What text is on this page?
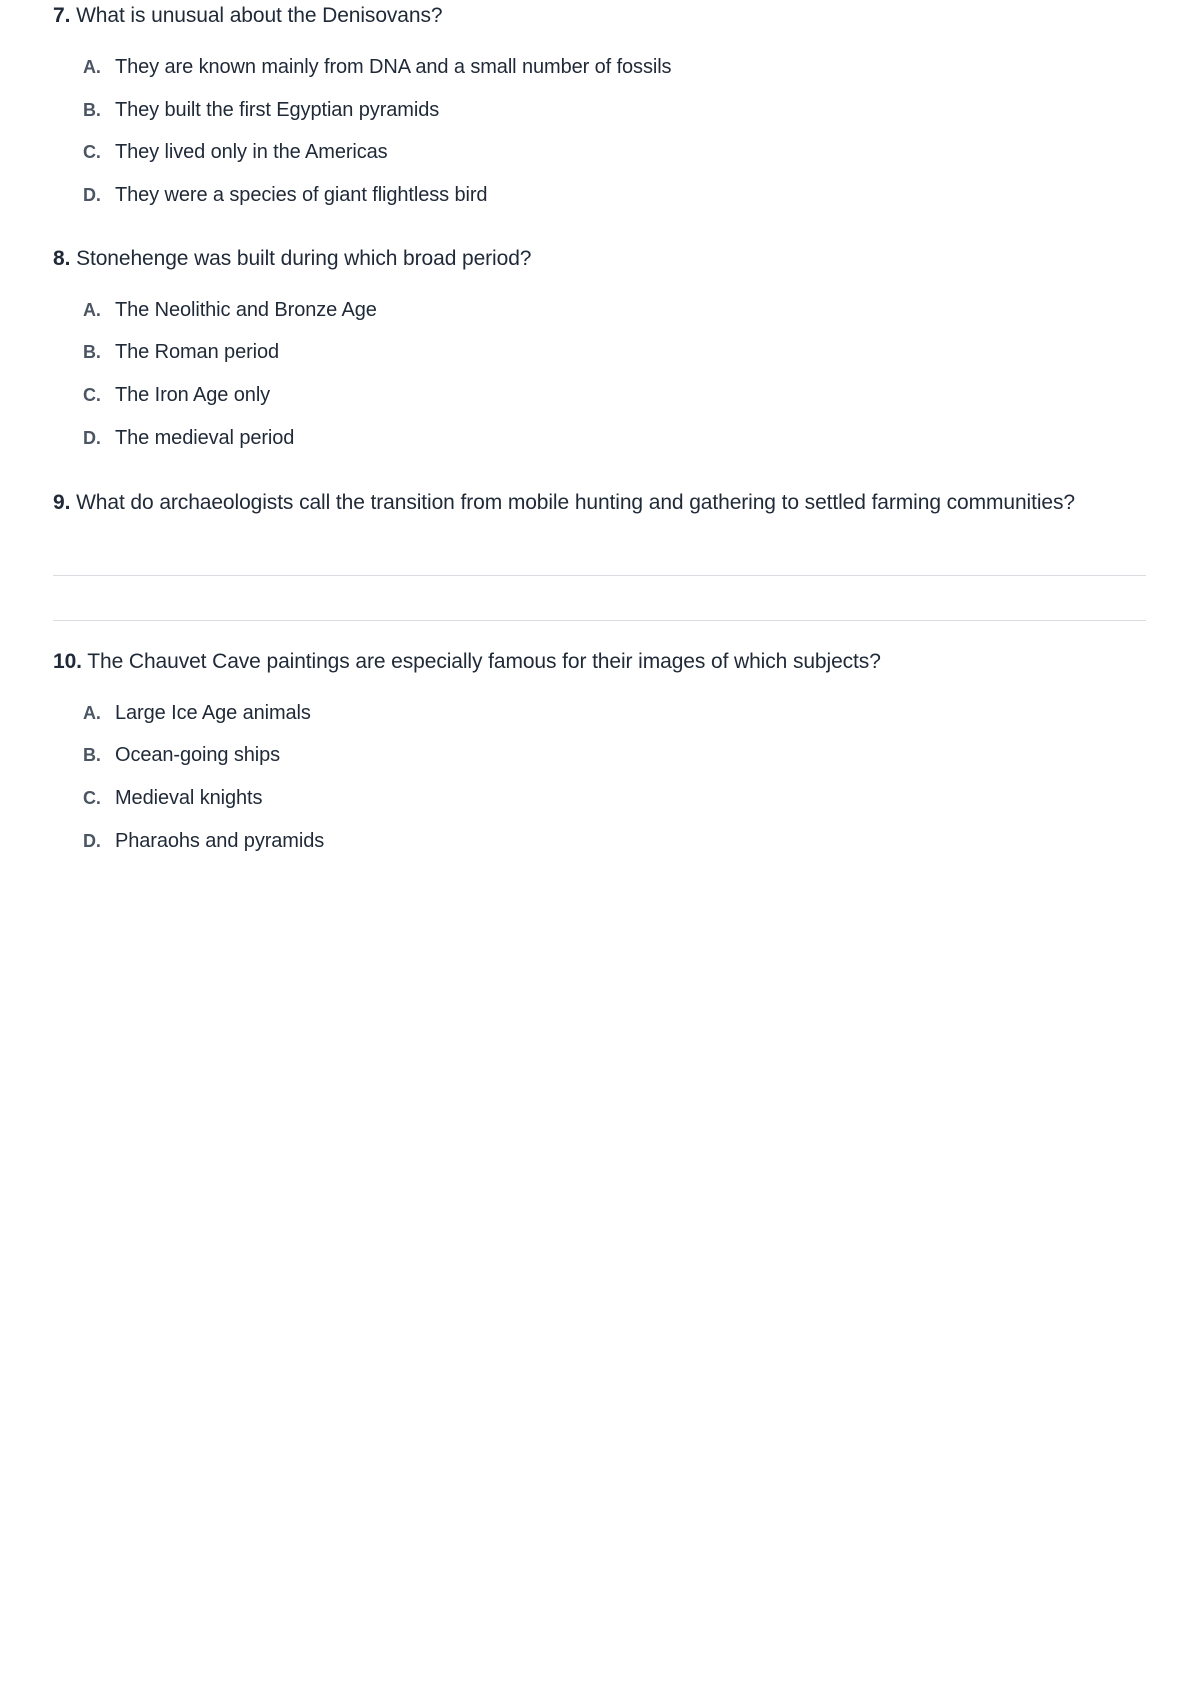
7. What is unusual about the Denisovans?

A. They are known mainly from DNA and a small number of fossils
B. They built the first Egyptian pyramids
C. They lived only in the Americas
D. They were a species of giant flightless bird

8. Stonehenge was built during which broad period?

A. The Neolithic and Bronze Age
B. The Roman period
C. The Iron Age only
D. The medieval period

9. What do archaeologists call the transition from mobile hunting and gathering to settled farming communities?

10. The Chauvet Cave paintings are especially famous for their images of which subjects?

A. Large Ice Age animals
B. Ocean-going ships
C. Medieval knights
D. Pharaohs and pyramids
